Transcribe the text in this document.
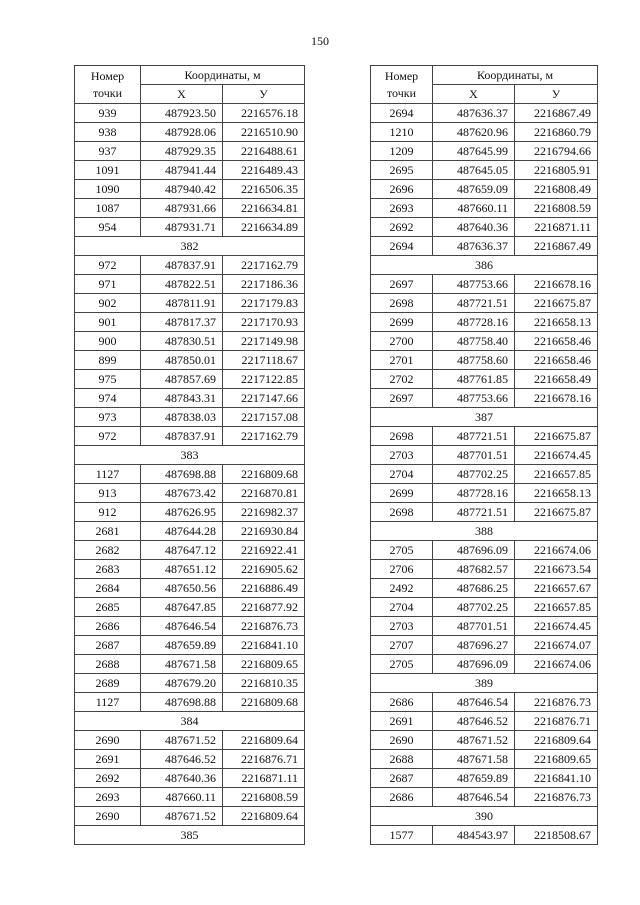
150
Номер
точки	Координаты, м	
	X	У
939	487923.50	2216576.18
938	487928.06	2216510.90
937	487929.35	2216488.61
1091	487941.44	2216489.43
1090	487940.42	2216506.35
1087	487931.66	2216634.81
954	487931.71	2216634.89
382		
972	487837.91	2217162.79
971	487822.51	2217186.36
902	487811.91	2217179.83
901	487817.37	2217170.93
900	487830.51	2217149.98
899	487850.01	2217118.67
975	487857.69	2217122.85
974	487843.31	2217147.66
973	487838.03	2217157.08
972	487837.91	2217162.79
383		
1127	487698.88	2216809.68
913	487673.42	2216870.81
912	487626.95	2216982.37
2681	487644.28	2216930.84
2682	487647.12	2216922.41
2683	487651.12	2216905.62
2684	487650.56	2216886.49
2685	487647.85	2216877.92
2686	487646.54	2216876.73
2687	487659.89	2216841.10
2688	487671.58	2216809.65
2689	487679.20	2216810.35
1127	487698.88	2216809.68
384		
2690	487671.52	2216809.64
2691	487646.52	2216876.71
2692	487640.36	2216871.11
2693	487660.11	2216808.59
2690	487671.52	2216809.64
385		
Номер
точки	Координаты, м	
	X	У
2694	487636.37	2216867.49
1210	487620.96	2216860.79
1209	487645.99	2216794.66
2695	487645.05	2216805.91
2696	487659.09	2216808.49
2693	487660.11	2216808.59
2692	487640.36	2216871.11
2694	487636.37	2216867.49
386		
2697	487753.66	2216678.16
2698	487721.51	2216675.87
2699	487728.16	2216658.13
2700	487758.40	2216658.46
2701	487758.60	2216658.46
2702	487761.85	2216658.49
2697	487753.66	2216678.16
387		
2698	487721.51	2216675.87
2703	487701.51	2216674.45
2704	487702.25	2216657.85
2699	487728.16	2216658.13
2698	487721.51	2216675.87
388		
2705	487696.09	2216674.06
2706	487682.57	2216673.54
2492	487686.25	2216657.67
2704	487702.25	2216657.85
2703	487701.51	2216674.45
2707	487696.27	2216674.07
2705	487696.09	2216674.06
389		
2686	487646.54	2216876.73
2691	487646.52	2216876.71
2690	487671.52	2216809.64
2688	487671.58	2216809.65
2687	487659.89	2216841.10
2686	487646.54	2216876.73
390		
1577	484543.97	2218508.67
